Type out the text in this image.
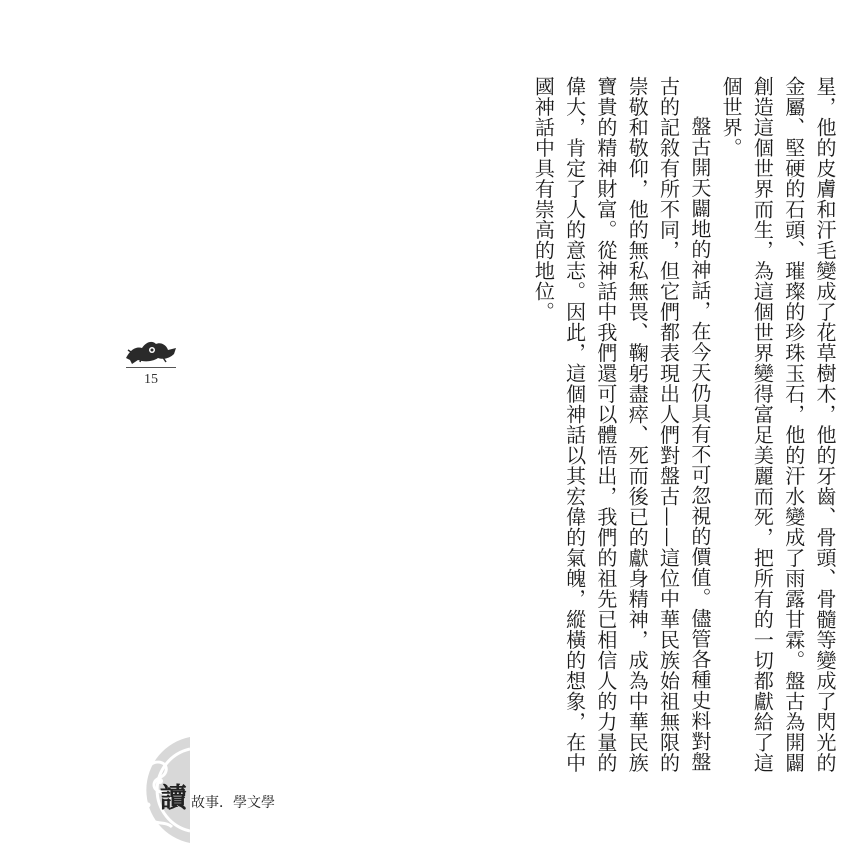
星，他的皮膚和汗毛變成了花草樹木，他的牙齒、骨頭、骨髓等變成了閃光的金屬、堅硬的石頭、璀璨的珍珠玉石，他的汗水變成了雨露甘霖。盤古為開闢創造這個世界而生，為這個世界變得富足美麗而死，把所有的一切都獻給了這個世界。

盤古開天闢地的神話，在今天仍具有不可忽視的價值。儘管各種史料對盤古的記敘有所不同，但它們都表現出人們對盤古——這位中華民族始祖無限的崇敬和敬仰，他的無私無畏、鞠躬盡瘁、死而後已的獻身精神，成為中華民族寶貴的精神財富。從神話中我們還可以體悟出，我們的祖先已相信人的力量的偉大，肯定了人的意志。因此，這個神話以其宏偉的氣魄，縱橫的想象，在中國神話中具有崇高的地位。

15
讀 故事．學文學
